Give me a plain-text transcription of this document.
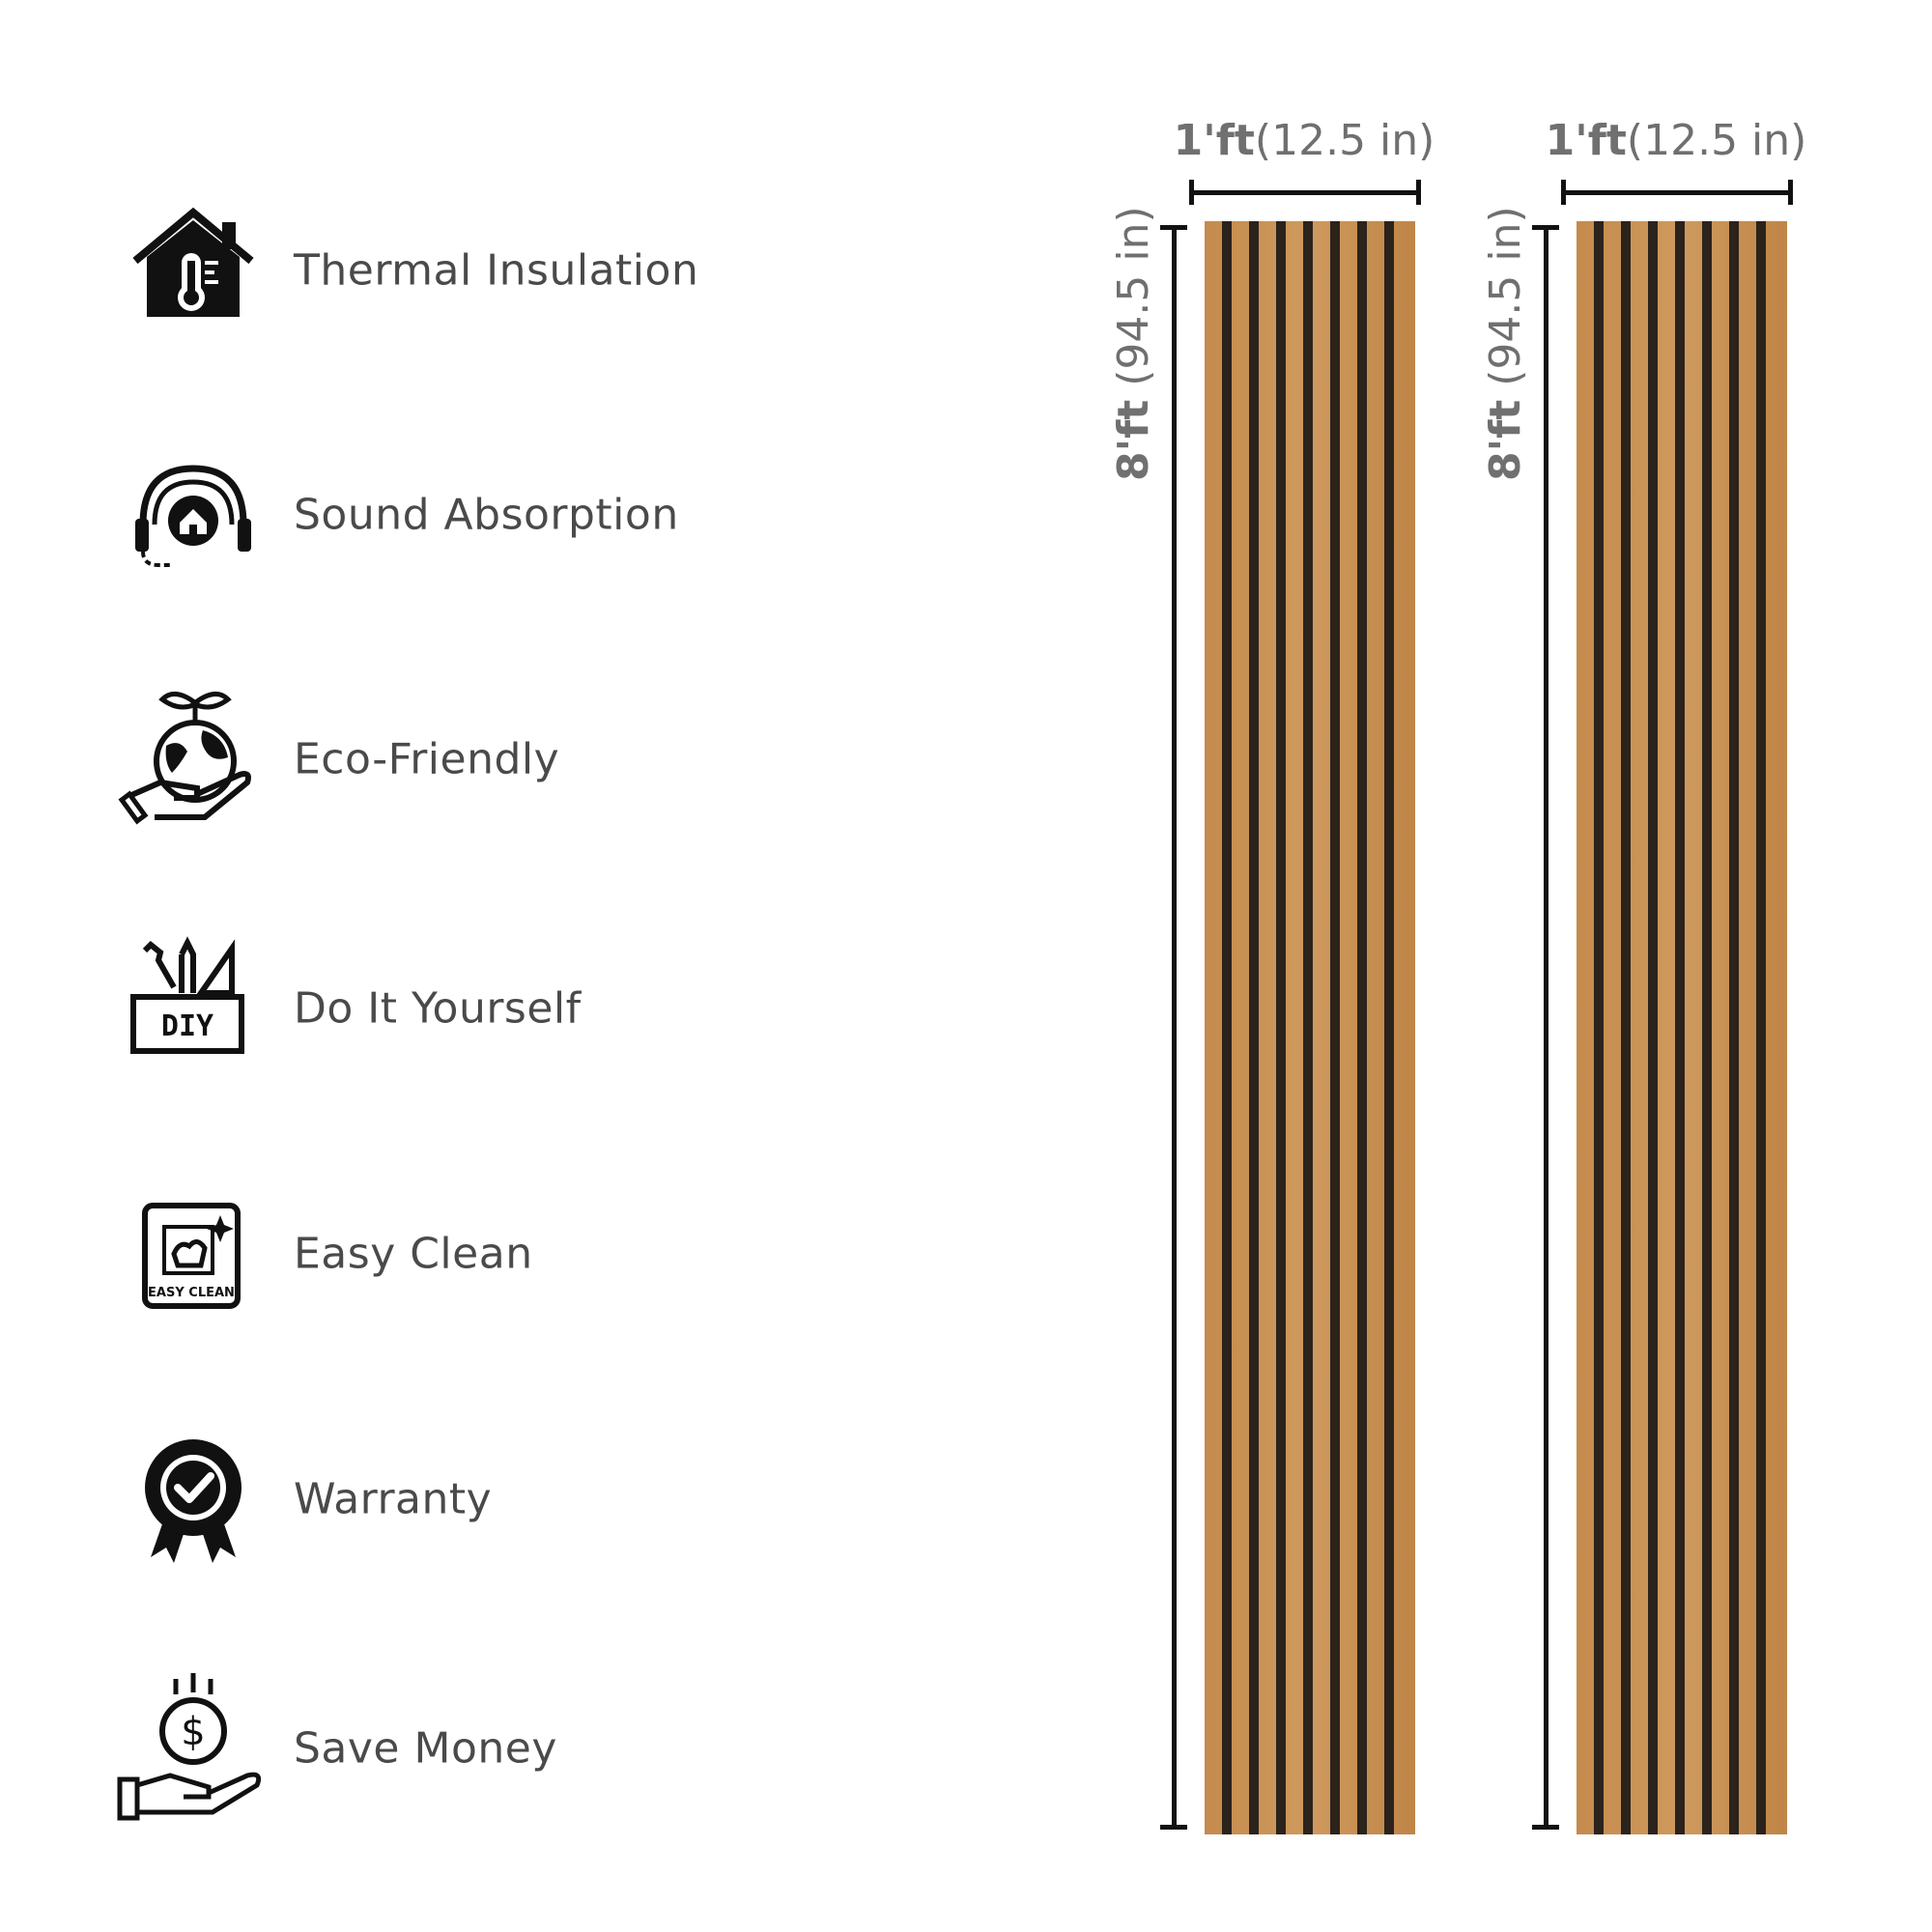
Thermal Insulation
Sound Absorption
Eco-Friendly
DIY Do It Yourself
EASY CLEAN
Easy Clean
Warranty
$ Save Money
1'ft(12.5 in)
8'ft (94.5 in)
1'ft(12.5 in)
8'ft (94.5 in)
